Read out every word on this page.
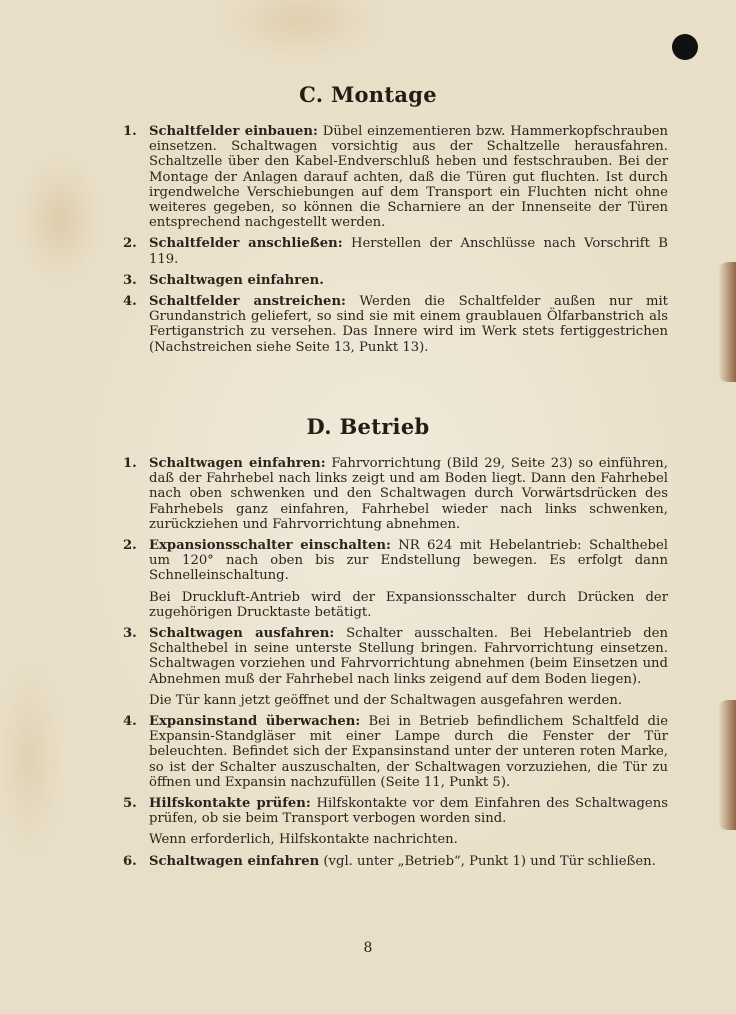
C. Montage
1. Schaltfelder einbauen: Dübel einzementieren bzw. Hammerkopfschrauben einsetzen. Schaltwagen vorsichtig aus der Schaltzelle herausfahren. Schaltzelle über den Kabel-Endverschluß heben und festschrauben. Bei der Montage der Anlagen darauf achten, daß die Türen gut fluchten. Ist durch irgendwelche Verschiebungen auf dem Transport ein Fluchten nicht ohne weiteres gegeben, so können die Scharniere an der Innenseite der Türen entsprechend nachgestellt werden.
2. Schaltfelder anschließen: Herstellen der Anschlüsse nach Vorschrift B 119.
3. Schaltwagen einfahren.
4. Schaltfelder anstreichen: Werden die Schaltfelder außen nur mit Grundanstrich geliefert, so sind sie mit einem graublauen Ölfarbanstrich als Fertiganstrich zu versehen. Das Innere wird im Werk stets fertiggestrichen (Nachstreichen siehe Seite 13, Punkt 13).
D. Betrieb
1. Schaltwagen einfahren: Fahrvorrichtung (Bild 29, Seite 23) so einführen, daß der Fahrhebel nach links zeigt und am Boden liegt. Dann den Fahrhebel nach oben schwenken und den Schaltwagen durch Vorwärtsdrücken des Fahrhebels ganz einfahren, Fahrhebel wieder nach links schwenken, zurückziehen und Fahrvorrichtung abnehmen.
2. Expansionsschalter einschalten: NR 624 mit Hebelantrieb: Schalthebel um 120° nach oben bis zur Endstellung bewegen. Es erfolgt dann Schnelleinschaltung.
Bei Druckluft-Antrieb wird der Expansionsschalter durch Drücken der zugehörigen Drucktaste betätigt.
3. Schaltwagen ausfahren: Schalter ausschalten. Bei Hebelantrieb den Schalthebel in seine unterste Stellung bringen. Fahrvorrichtung einsetzen. Schaltwagen vorziehen und Fahrvorrichtung abnehmen (beim Einsetzen und Abnehmen muß der Fahrhebel nach links zeigend auf dem Boden liegen).
Die Tür kann jetzt geöffnet und der Schaltwagen ausgefahren werden.
4. Expansinstand überwachen: Bei in Betrieb befindlichem Schaltfeld die Expansin-Standgläser mit einer Lampe durch die Fenster der Tür beleuchten. Befindet sich der Expansinstand unter der unteren roten Marke, so ist der Schalter auszuschalten, der Schaltwagen vorzuziehen, die Tür zu öffnen und Expansin nachzufüllen (Seite 11, Punkt 5).
5. Hilfskontakte prüfen: Hilfskontakte vor dem Einfahren des Schaltwagens prüfen, ob sie beim Transport verbogen worden sind.
Wenn erforderlich, Hilfskontakte nachrichten.
6. Schaltwagen einfahren (vgl. unter „Betrieb“, Punkt 1) und Tür schließen.
8
